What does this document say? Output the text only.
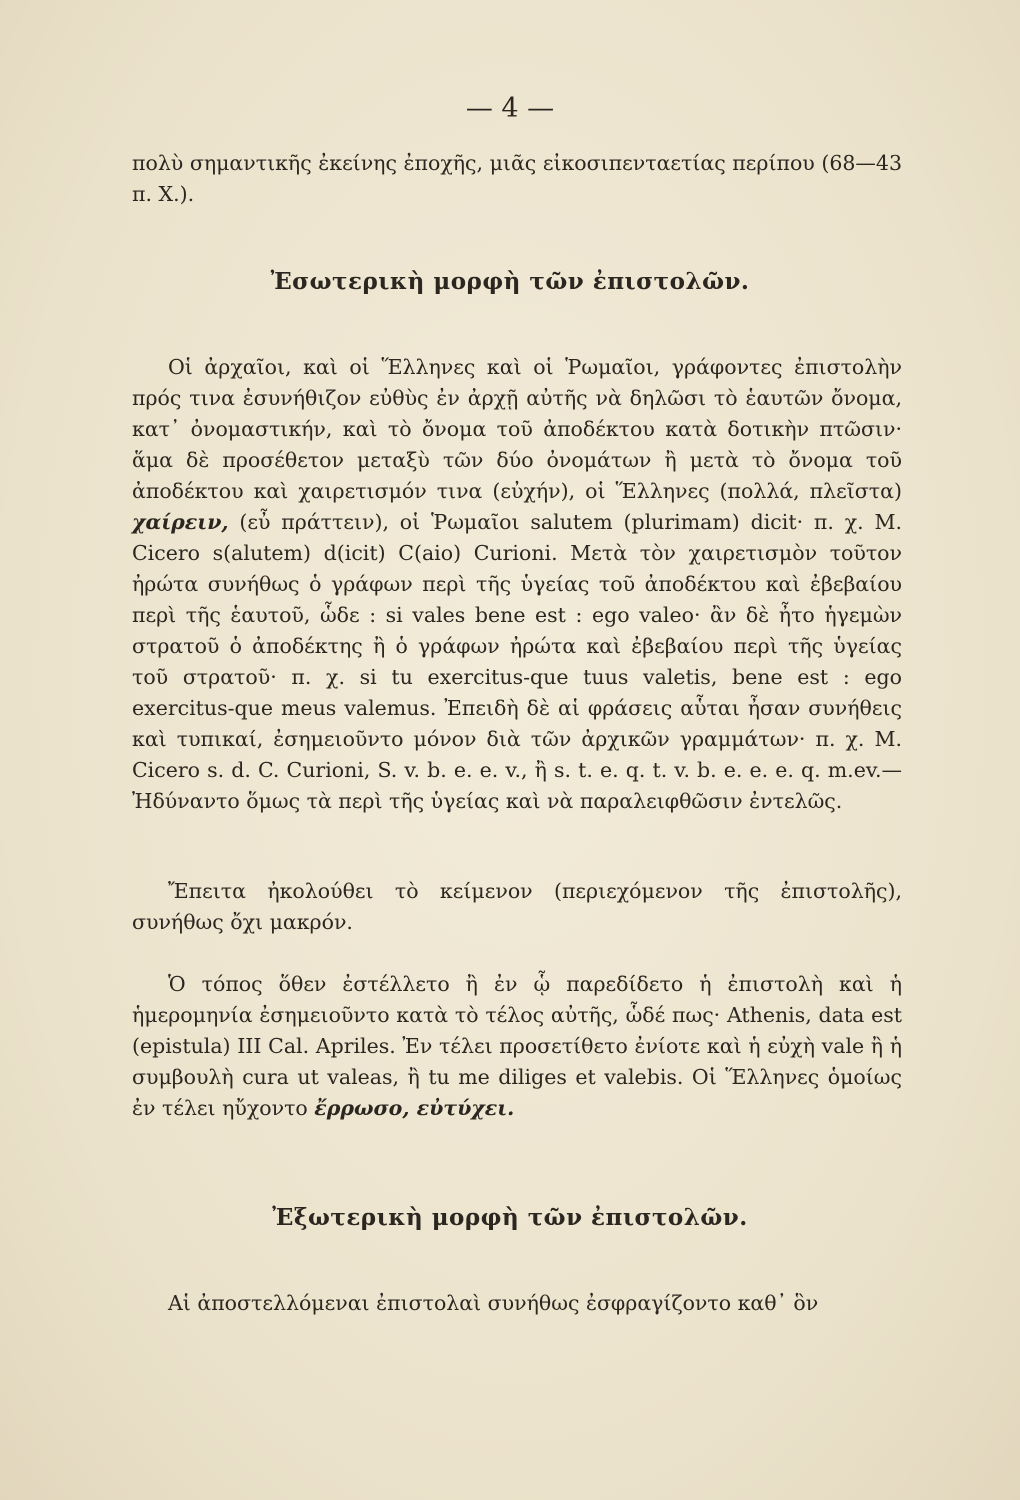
— 4 —

πολὺ σημαντικῆς ἐκείνης ἐποχῆς, μιᾶς εἰκοσιπενταετίας περίπου (68—43 π. Χ.).

Ἐσωτερικὴ μορφὴ τῶν ἐπιστολῶν.

Οἱ ἀρχαῖοι, καὶ οἱ Ἕλληνες καὶ οἱ Ῥωμαῖοι, γράφοντες ἐπιστολὴν πρός τινα ἐσυνήθιζον εὐθὺς ἐν ἀρχῇ αὐτῆς νὰ δηλῶσι τὸ ἑαυτῶν ὄνομα, κατ᾿ ὀνομαστικήν, καὶ τὸ ὄνομα τοῦ ἀποδέκτου κατὰ δοτικὴν πτῶσιν· ἅμα δὲ προσέθετον μεταξὺ τῶν δύο ὀνομάτων ἢ μετὰ τὸ ὄνομα τοῦ ἀποδέκτου καὶ χαιρετισμόν τινα (εὐχήν), οἱ Ἕλληνες (πολλά, πλεῖστα) χαίρειν, (εὖ πράττειν), οἱ Ῥωμαῖοι salutem (plurimam) dicit· π. χ. M. Cicero s(alutem) d(icit) C(aio) Curioni. Μετὰ τὸν χαιρετισμὸν τοῦτον ἠρώτα συνήθως ὁ γράφων περὶ τῆς ὑγείας τοῦ ἀποδέκτου καὶ ἐβεβαίου περὶ τῆς ἑαυτοῦ, ὧδε : si vales bene est : ego valeo· ἂν δὲ ἦτο ἡγεμὼν στρατοῦ ὁ ἀποδέκτης ἢ ὁ γράφων ἠρώτα καὶ ἐβεβαίου περὶ τῆς ὑγείας τοῦ στρατοῦ· π. χ. si tu exercitus-que tuus valetis, bene est : ego exercitus-que meus valemus. Ἐπειδὴ δὲ αἱ φράσεις αὗται ἦσαν συνήθεις καὶ τυπικαί, ἐσημειοῦντο μόνον διὰ τῶν ἀρχικῶν γραμμάτων· π. χ. M. Cicero s. d. C. Curioni, S. v. b. e. e. v., ἢ s. t. e. q. t. v. b. e. e. e. q. m.ev.—Ἠδύναντο ὅμως τὰ περὶ τῆς ὑγείας καὶ νὰ παραλειφθῶσιν ἐντελῶς.

Ἔπειτα ἠκολούθει τὸ κείμενον (περιεχόμενον τῆς ἐπιστολῆς), συνήθως ὄχι μακρόν.

Ὁ τόπος ὅθεν ἐστέλλετο ἢ ἐν ᾧ παρεδίδετο ἡ ἐπιστολὴ καὶ ἡ ἡμερομηνία ἐσημειοῦντο κατὰ τὸ τέλος αὐτῆς, ὧδέ πως· Athenis, data est (epistula) III Cal. Apriles. Ἐν τέλει προσετίθετο ἐνίοτε καὶ ἡ εὐχὴ vale ἢ ἡ συμβουλὴ cura ut valeas, ἢ tu me diliges et valebis. Οἱ Ἕλληνες ὁμοίως ἐν τέλει ηὔχοντο ἔρρωσο, εὐτύχει.

Ἐξωτερικὴ μορφὴ τῶν ἐπιστολῶν.

Αἱ ἀποστελλόμεναι ἐπιστολαὶ συνήθως ἐσφραγίζοντο καθ᾿ ὃν
